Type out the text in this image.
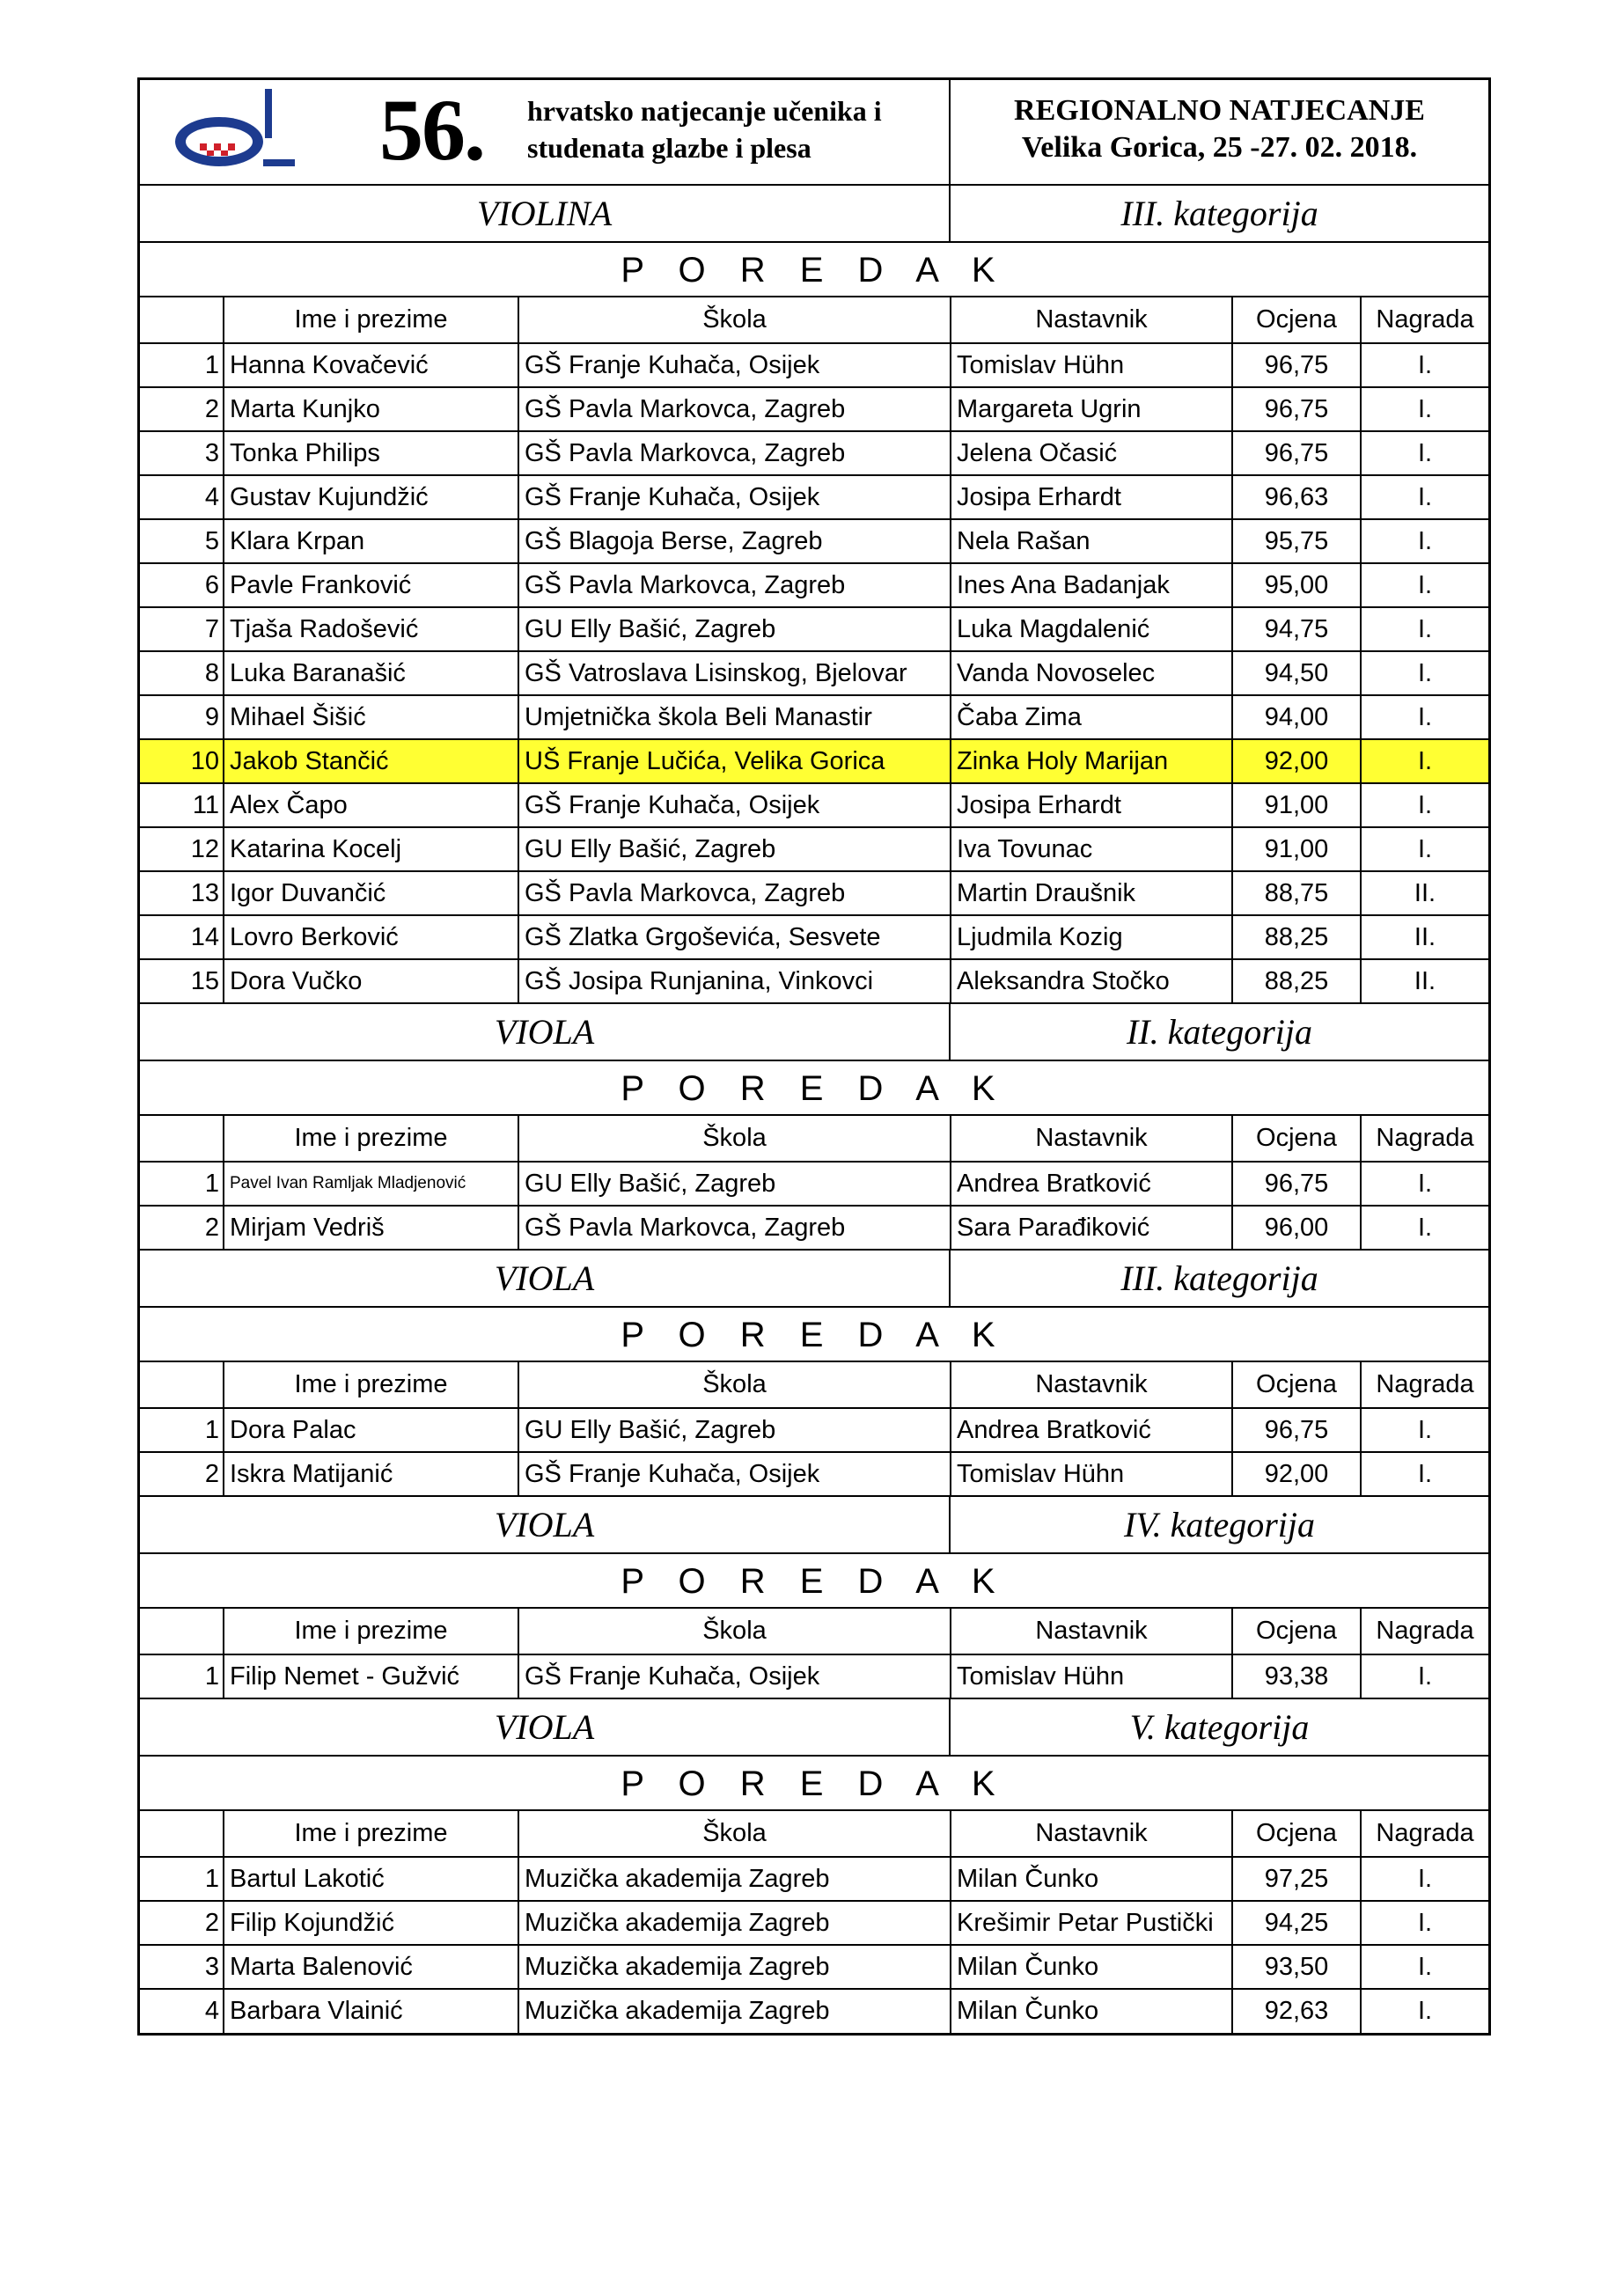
HDGPP 56. hrvatsko natjecanje učenika i
studenata glazbe i plesa
REGIONALNO NATJECANJE
Velika Gorica, 25 -27. 02. 2018.
VIOLINA	III. kategorija
P O R E D A K
	Ime i prezime	Škola	Nastavnik	Ocjena	Nagrada
1	Hanna Kovačević	GŠ Franje Kuhača, Osijek	Tomislav Hühn	96,75	I.
2	Marta Kunjko	GŠ Pavla Markovca, Zagreb	Margareta Ugrin	96,75	I.
3	Tonka Philips	GŠ Pavla Markovca, Zagreb	Jelena Očasić	96,75	I.
4	Gustav Kujundžić	GŠ Franje Kuhača, Osijek	Josipa Erhardt	96,63	I.
5	Klara Krpan	GŠ Blagoja Berse, Zagreb	Nela Rašan	95,75	I.
6	Pavle Franković	GŠ Pavla Markovca, Zagreb	Ines Ana Badanjak	95,00	I.
7	Tjaša Radošević	GU Elly Bašić, Zagreb	Luka Magdalenić	94,75	I.
8	Luka Baranašić	GŠ Vatroslava Lisinskog, Bjelovar	Vanda Novoselec	94,50	I.
9	Mihael Šišić	Umjetnička škola Beli Manastir	Čaba Zima	94,00	I.
10	Jakob Stančić	UŠ Franje Lučića, Velika Gorica	Zinka Holy Marijan	92,00	I.
11	Alex Čapo	GŠ Franje Kuhača, Osijek	Josipa Erhardt	91,00	I.
12	Katarina Kocelj	GU Elly Bašić, Zagreb	Iva Tovunac	91,00	I.
13	Igor Duvančić	GŠ Pavla Markovca, Zagreb	Martin Draušnik	88,75	II.
14	Lovro Berković	GŠ Zlatka Grgoševića, Sesvete	Ljudmila Kozig	88,25	II.
15	Dora Vučko	GŠ Josipa Runjanina, Vinkovci	Aleksandra Stočko	88,25	II.
VIOLA	II. kategorija
P O R E D A K
	Ime i prezime	Škola	Nastavnik	Ocjena	Nagrada
1	Pavel Ivan Ramljak Mladjenović	GU Elly Bašić, Zagreb	Andrea Bratković	96,75	I.
2	Mirjam Vedriš	GŠ Pavla Markovca, Zagreb	Sara Parađiković	96,00	I.
VIOLA	III. kategorija
P O R E D A K
	Ime i prezime	Škola	Nastavnik	Ocjena	Nagrada
1	Dora Palac	GU Elly Bašić, Zagreb	Andrea Bratković	96,75	I.
2	Iskra Matijanić	GŠ Franje Kuhača, Osijek	Tomislav Hühn	92,00	I.
VIOLA	IV. kategorija
P O R E D A K
	Ime i prezime	Škola	Nastavnik	Ocjena	Nagrada
1	Filip Nemet - Gužvić	GŠ Franje Kuhača, Osijek	Tomislav Hühn	93,38	I.
VIOLA	V. kategorija
P O R E D A K
	Ime i prezime	Škola	Nastavnik	Ocjena	Nagrada
1	Bartul Lakotić	Muzička akademija Zagreb	Milan Čunko	97,25	I.
2	Filip Kojundžić	Muzička akademija Zagreb	Krešimir Petar Pustički	94,25	I.
3	Marta Balenović	Muzička akademija Zagreb	Milan Čunko	93,50	I.
4	Barbara Vlainić	Muzička akademija Zagreb	Milan Čunko	92,63	I.
